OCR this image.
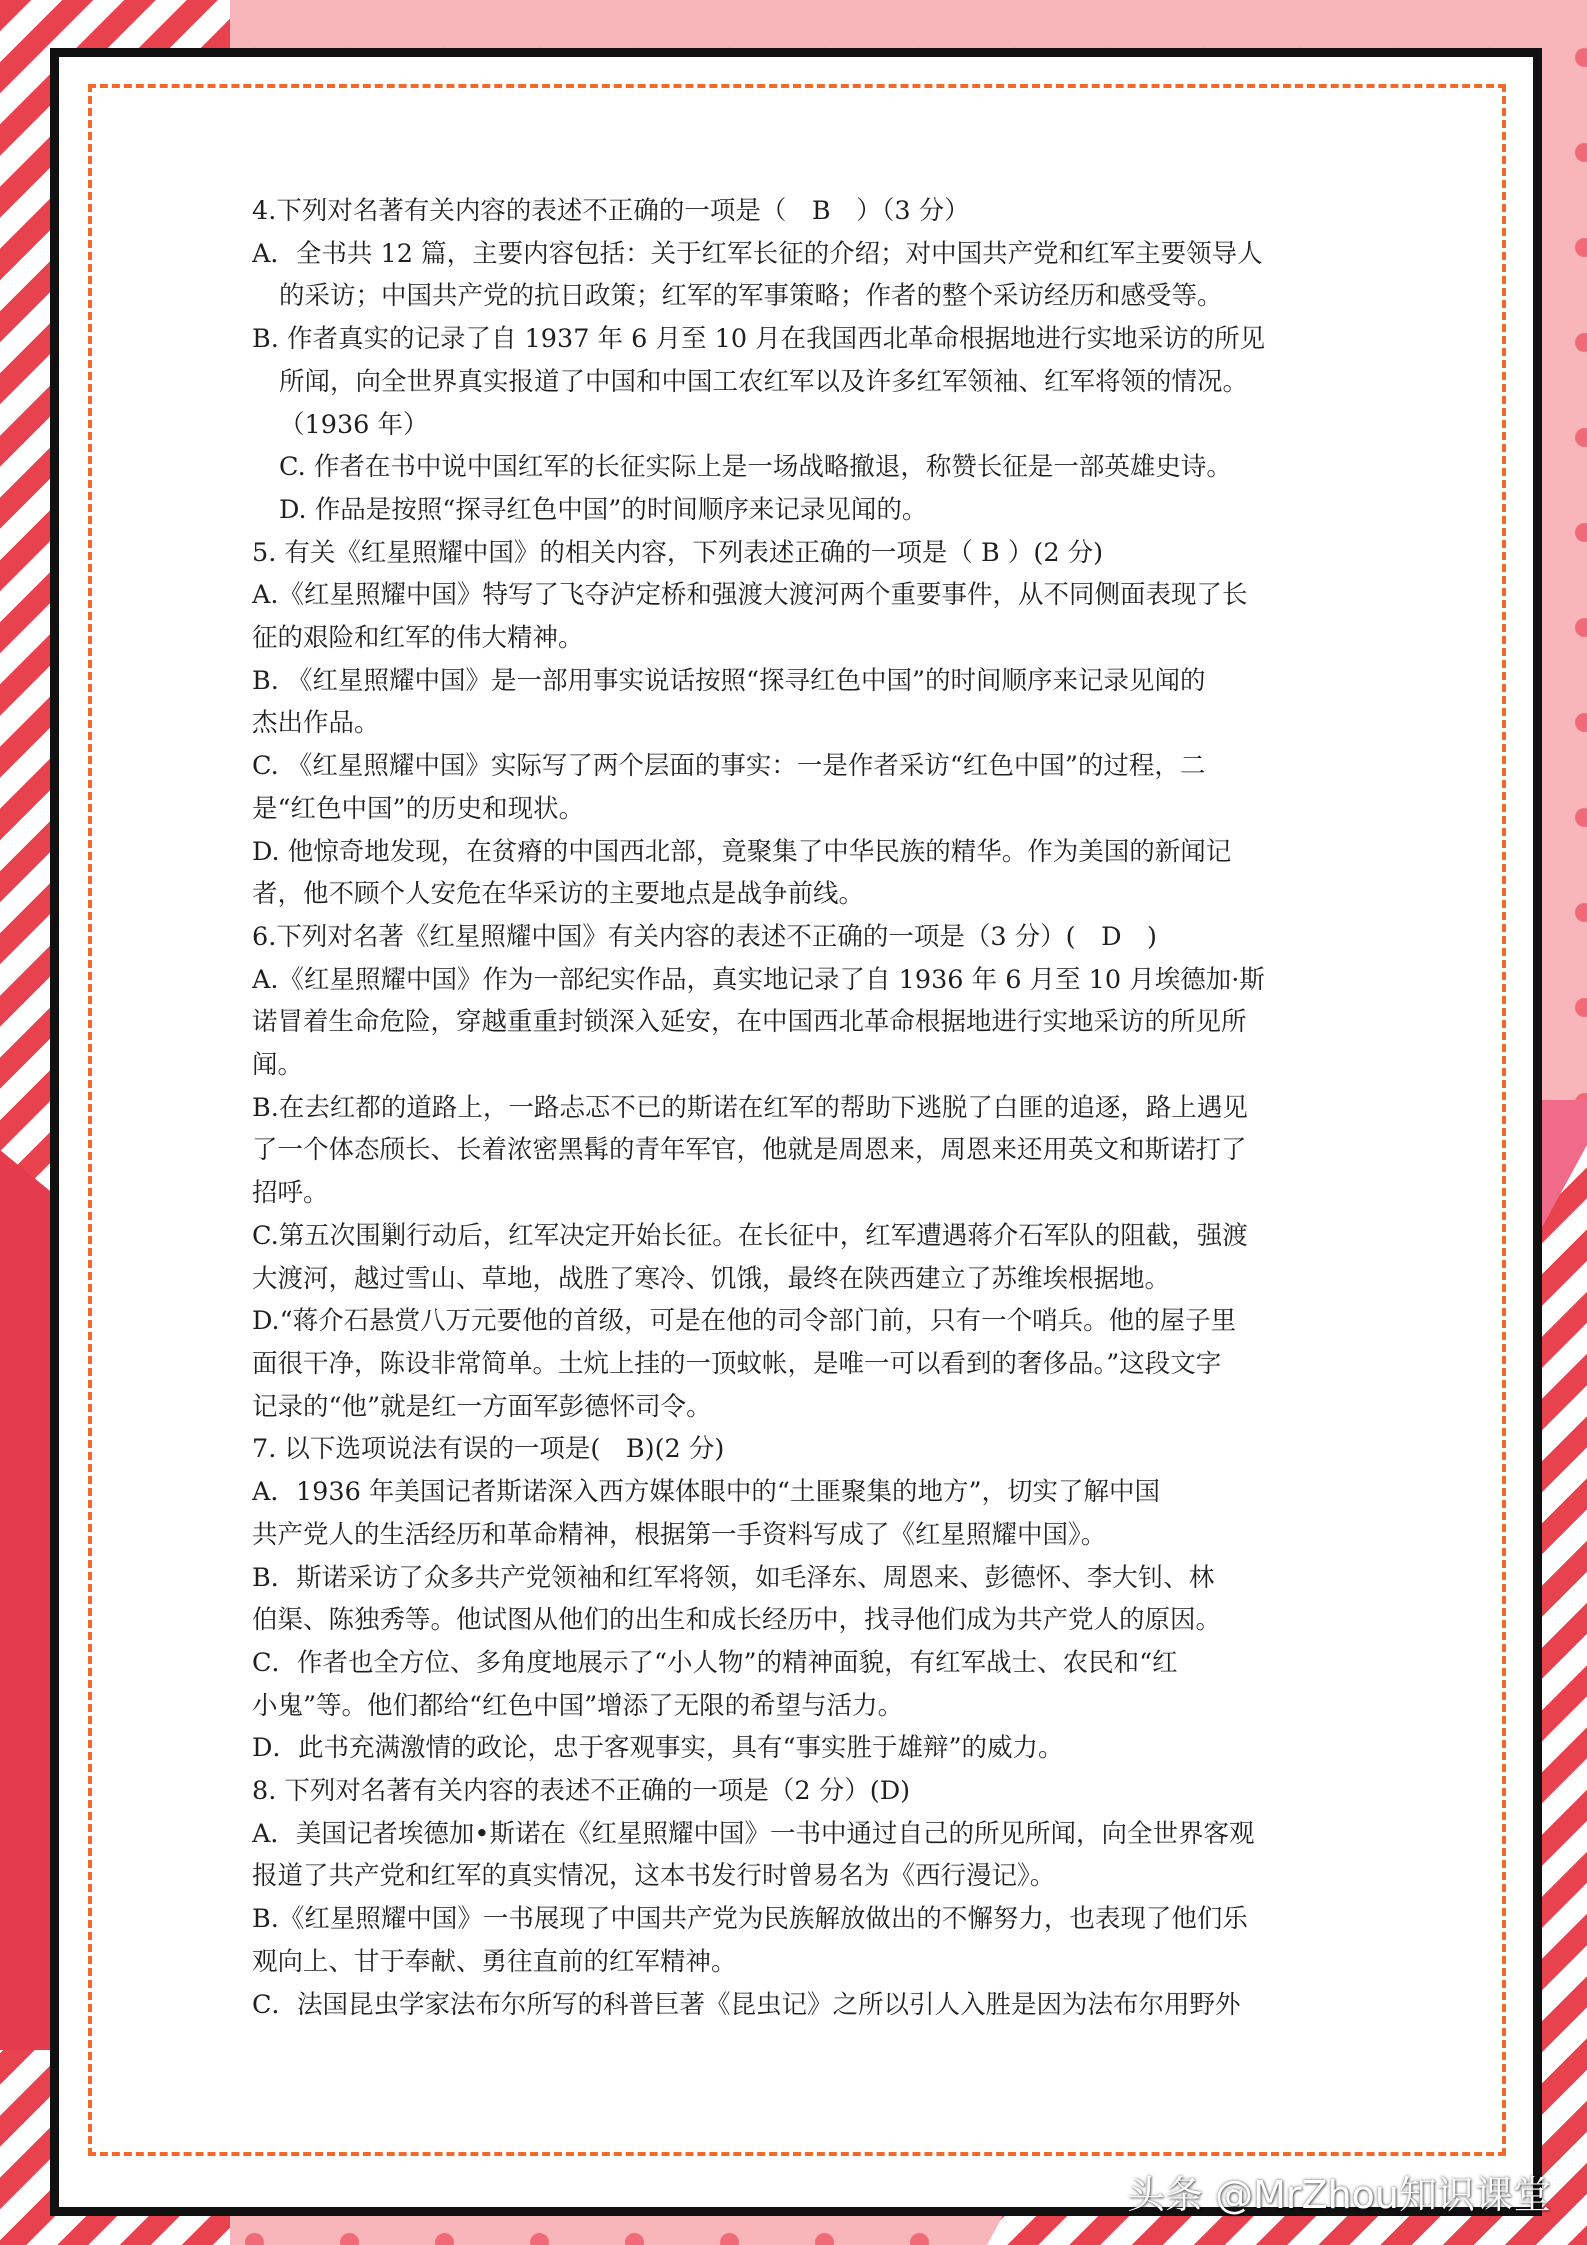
4.下列对名著有关内容的表述不正确的一项是（　B　）（3 分）

A．全书共 12 篇，主要内容包括：关于红军长征的介绍；对中国共产党和红军主要领导人

的采访；中国共产党的抗日政策；红军的军事策略；作者的整个采访经历和感受等。

B. 作者真实的记录了自 1937 年 6 月至 10 月在我国西北革命根据地进行实地采访的所见

所闻，向全世界真实报道了中国和中国工农红军以及许多红军领袖、红军将领的情况。

（1936 年）

C. 作者在书中说中国红军的长征实际上是一场战略撤退，称赞长征是一部英雄史诗。

D. 作品是按照“探寻红色中国”的时间顺序来记录见闻的。

5. 有关《红星照耀中国》的相关内容，下列表述正确的一项是（ B ）(2 分)

A.《红星照耀中国》特写了飞夺泸定桥和强渡大渡河两个重要事件，从不同侧面表现了长

征的艰险和红军的伟大精神。

B. 《红星照耀中国》是一部用事实说话按照“探寻红色中国”的时间顺序来记录见闻的

杰出作品。

C. 《红星照耀中国》实际写了两个层面的事实：一是作者采访“红色中国”的过程，二

是“红色中国”的历史和现状。

D. 他惊奇地发现，在贫瘠的中国西北部，竟聚集了中华民族的精华。作为美国的新闻记

者，他不顾个人安危在华采访的主要地点是战争前线。

6.下列对名著《红星照耀中国》有关内容的表述不正确的一项是（3 分）(　D　)

A.《红星照耀中国》作为一部纪实作品，真实地记录了自 1936 年 6 月至 10 月埃德加·斯

诺冒着生命危险，穿越重重封锁深入延安，在中国西北革命根据地进行实地采访的所见所

闻。

B.在去红都的道路上，一路忐忑不已的斯诺在红军的帮助下逃脱了白匪的追逐，路上遇见

了一个体态颀长、长着浓密黑髯的青年军官，他就是周恩来，周恩来还用英文和斯诺打了

招呼。

C.第五次围剿行动后，红军决定开始长征。在长征中，红军遭遇蒋介石军队的阻截，强渡

大渡河，越过雪山、草地，战胜了寒冷、饥饿，最终在陕西建立了苏维埃根据地。

D.“蒋介石悬赏八万元要他的首级，可是在他的司令部门前，只有一个哨兵。他的屋子里

面很干净，陈设非常简单。土炕上挂的一顶蚊帐，是唯一可以看到的奢侈品。”这段文字

记录的“他”就是红一方面军彭德怀司令。

7. 以下选项说法有误的一项是(　B)(2 分)

A．1936 年美国记者斯诺深入西方媒体眼中的“土匪聚集的地方”，切实了解中国

共产党人的生活经历和革命精神，根据第一手资料写成了《红星照耀中国》。

B．斯诺采访了众多共产党领袖和红军将领，如毛泽东、周恩来、彭德怀、李大钊、林

伯渠、陈独秀等。他试图从他们的出生和成长经历中，找寻他们成为共产党人的原因。

C．作者也全方位、多角度地展示了“小人物”的精神面貌，有红军战士、农民和“红

小鬼”等。他们都给“红色中国”增添了无限的希望与活力。

D．此书充满激情的政论，忠于客观事实，具有“事实胜于雄辩”的威力。

8. 下列对名著有关内容的表述不正确的一项是（2 分）(D)

A．美国记者埃德加•斯诺在《红星照耀中国》一书中通过自己的所见所闻，向全世界客观

报道了共产党和红军的真实情况，这本书发行时曾易名为《西行漫记》。

B.《红星照耀中国》一书展现了中国共产党为民族解放做出的不懈努力，也表现了他们乐

观向上、甘于奉献、勇往直前的红军精神。

C．法国昆虫学家法布尔所写的科普巨著《昆虫记》之所以引人入胜是因为法布尔用野外

头条 @MrZhou知识课堂
